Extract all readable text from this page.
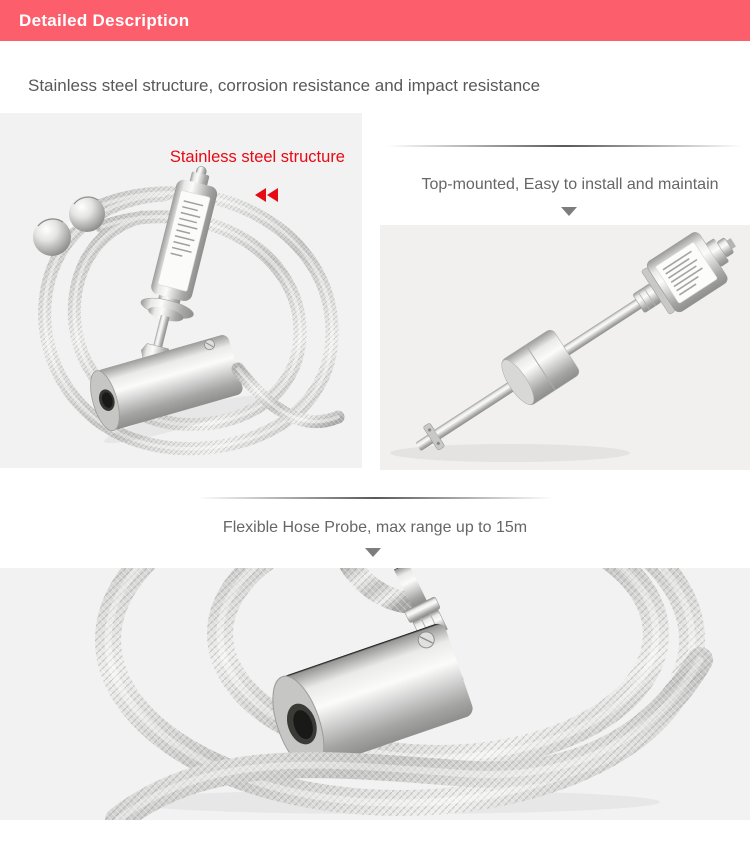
Detailed Description
Stainless steel structure, corrosion resistance and impact resistance
Stainless steel structure
Top-mounted, Easy to install and maintain
Flexible Hose Probe, max range up to 15m
